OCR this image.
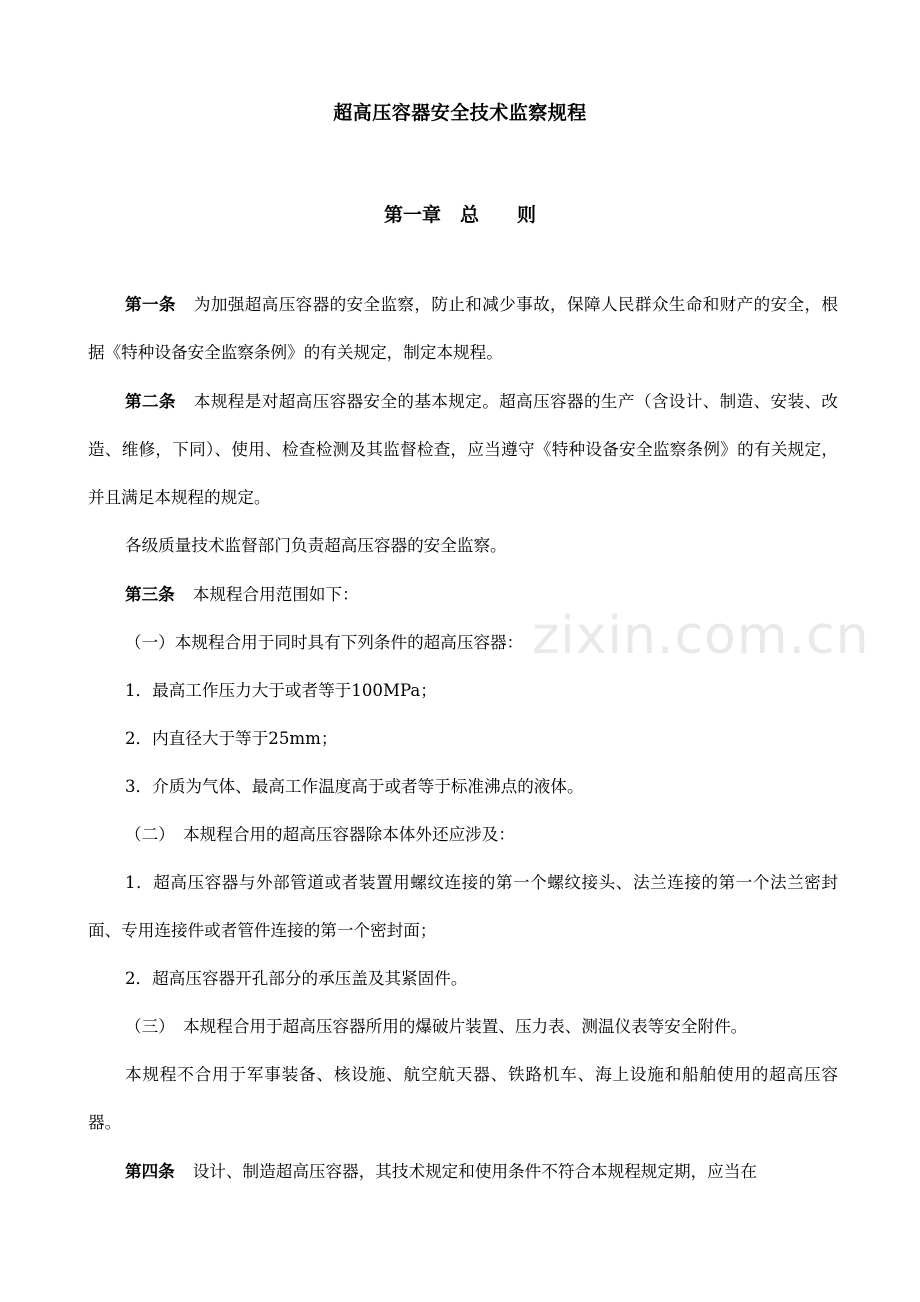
zixin.com.cn
超高压容器安全技术监察规程
第一章　总　　则

第一条 为加强超高压容器的安全监察，防止和减少事故，保障人民群众生命和财产的安全，根据《特种设备安全监察条例》的有关规定，制定本规程。

第二条 本规程是对超高压容器安全的基本规定。超高压容器的生产（含设计、制造、安装、改造、维修，下同）、使用、检查检测及其监督检查，应当遵守《特种设备安全监察条例》的有关规定，并且满足本规程的规定。

各级质量技术监督部门负责超高压容器的安全监察。

第三条 本规程合用范围如下：

（一）本规程合用于同时具有下列条件的超高压容器：

1．最高工作压力大于或者等于100MPa；

2．内直径大于等于25mm；

3．介质为气体、最高工作温度高于或者等于标准沸点的液体。

（二）　本规程合用的超高压容器除本体外还应涉及：

1．超高压容器与外部管道或者装置用螺纹连接的第一个螺纹接头、法兰连接的第一个法兰密封面、专用连接件或者管件连接的第一个密封面；

2．超高压容器开孔部分的承压盖及其紧固件。

（三）　本规程合用于超高压容器所用的爆破片装置、压力表、测温仪表等安全附件。

本规程不合用于军事装备、核设施、航空航天器、铁路机车、海上设施和船舶使用的超高压容器。

第四条 设计、制造超高压容器，其技术规定和使用条件不符合本规程规定期，应当在
